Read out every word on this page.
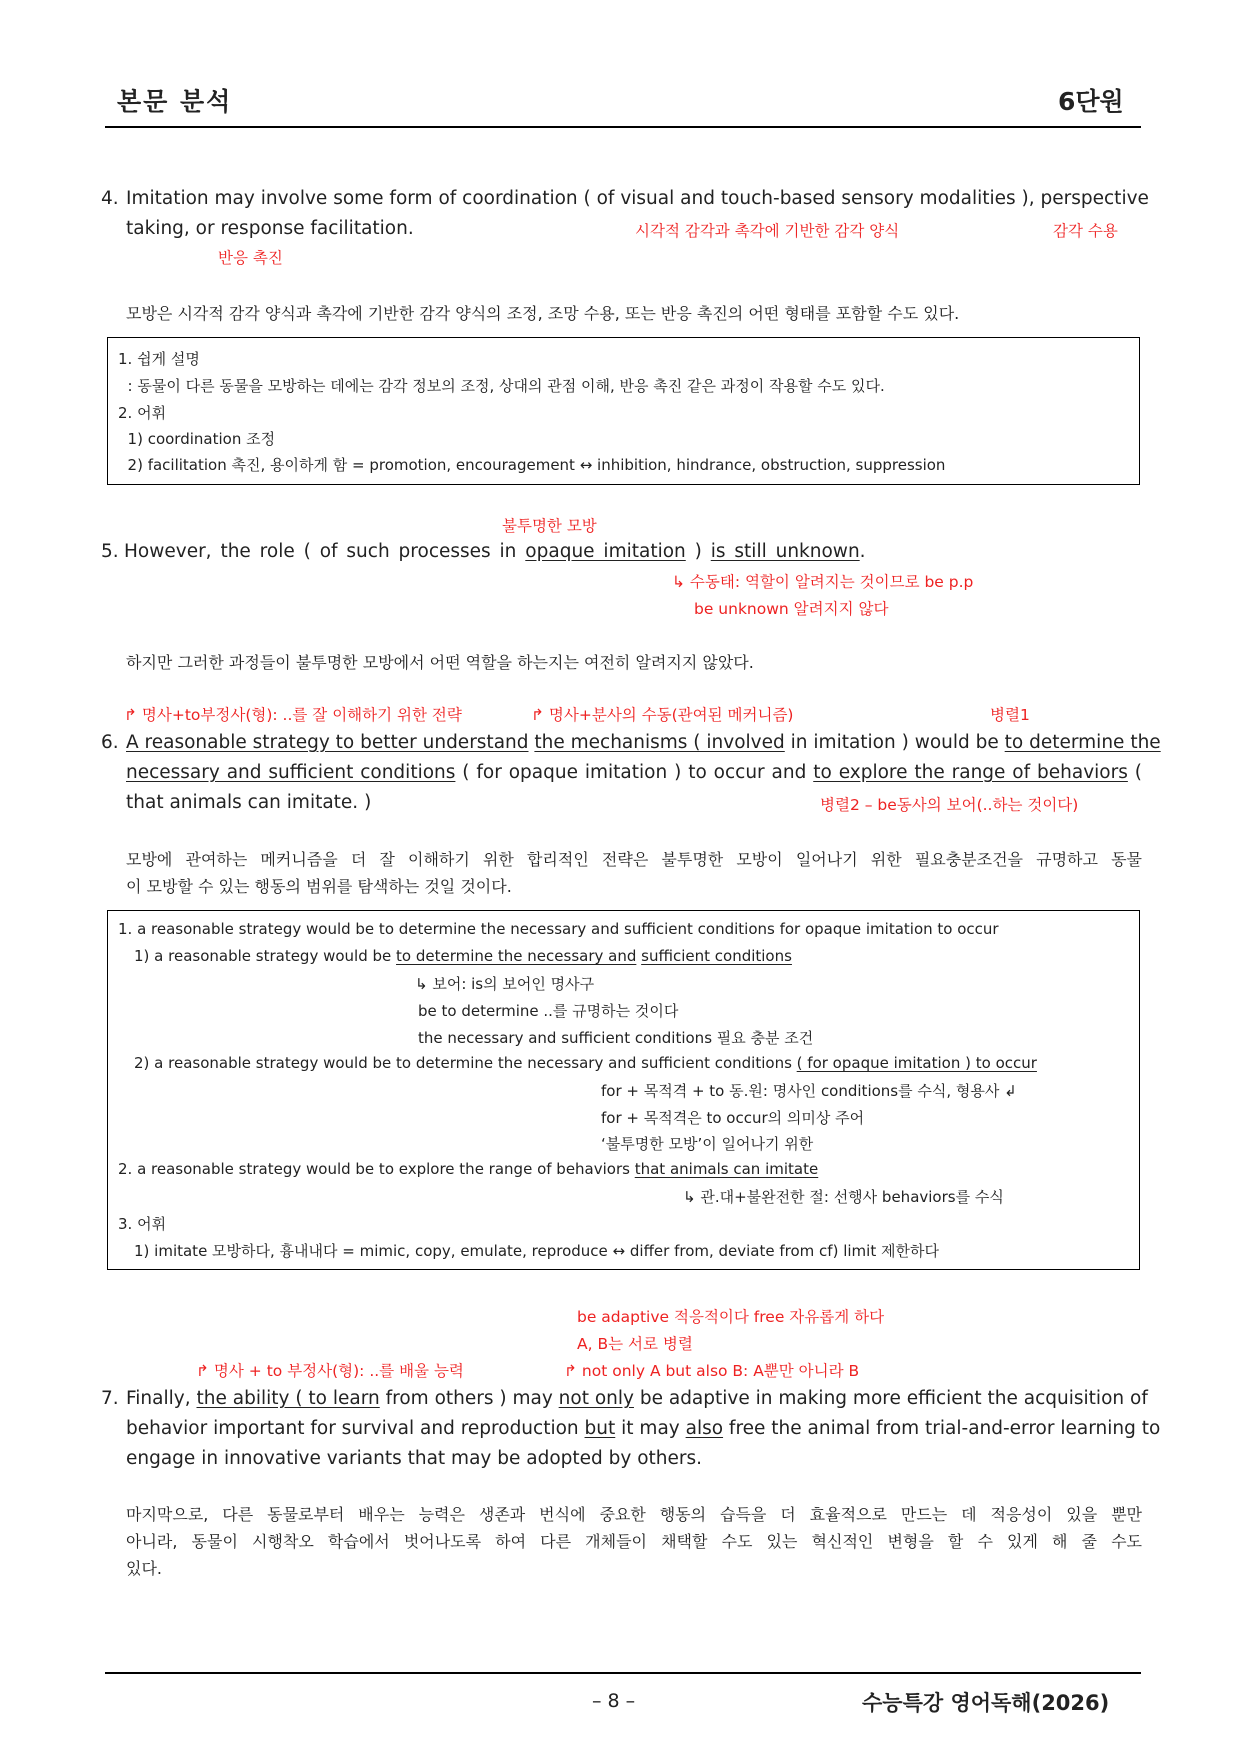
본문 분석	6단원
4. Imitation may involve some form of coordination ( of visual and touch-based sensory modalities ), perspective
taking, or response facilitation.	시각적 감각과 촉각에 기반한 감각 양식	감각 수용
반응 촉진
모방은 시각적 감각 양식과 촉각에 기반한 감각 양식의 조정, 조망 수용, 또는 반응 촉진의 어떤 형태를 포함할 수도 있다.
1. 쉽게 설명
: 동물이 다른 동물을 모방하는 데에는 감각 정보의 조정, 상대의 관점 이해, 반응 촉진 같은 과정이 작용할 수도 있다.
2. 어휘
1) coordination 조정
2) facilitation 촉진, 용이하게 함 = promotion, encouragement ↔ inhibition, hindrance, obstruction, suppression
불투명한 모방
5. However, the role ( of such processes in opaque imitation ) is still unknown.
↳ 수동태: 역할이 알려지는 것이므로 be p.p
be unknown 알려지지 않다
하지만 그러한 과정들이 불투명한 모방에서 어떤 역할을 하는지는 여전히 알려지지 않았다.
↱ 명사+to부정사(형): ..를 잘 이해하기 위한 전략	↱ 명사+분사의 수동(관여된 메커니즘)	병렬1
6. A reasonable strategy to better understand the mechanisms ( involved in imitation ) would be to determine the
necessary and sufficient conditions ( for opaque imitation ) to occur and to explore the range of behaviors (
that animals can imitate. )	병렬2 – be동사의 보어(..하는 것이다)
모방에 관여하는 메커니즘을 더 잘 이해하기 위한 합리적인 전략은 불투명한 모방이 일어나기 위한 필요충분조건을 규명하고 동물
이 모방할 수 있는 행동의 범위를 탐색하는 것일 것이다.
1. a reasonable strategy would be to determine the necessary and sufficient conditions for opaque imitation to occur
1) a reasonable strategy would be to determine the necessary and sufficient conditions
↳ 보어: is의 보어인 명사구
be to determine ..를 규명하는 것이다
the necessary and sufficient conditions 필요 충분 조건
2) a reasonable strategy would be to determine the necessary and sufficient conditions ( for opaque imitation ) to occur
for + 목적격 + to 동.원: 명사인 conditions를 수식, 형용사 ↲
for + 목적격은 to occur의 의미상 주어
‘불투명한 모방’이 일어나기 위한
2. a reasonable strategy would be to explore the range of behaviors that animals can imitate
↳ 관.대+불완전한 절: 선행사 behaviors를 수식
3. 어휘
1) imitate 모방하다, 흉내내다 = mimic, copy, emulate, reproduce ↔ differ from, deviate from cf) limit 제한하다
be adaptive 적응적이다 free 자유롭게 하다
A, B는 서로 병렬
↱ 명사 + to 부정사(형): ..를 배울 능력	↱ not only A but also B: A뿐만 아니라 B
7. Finally, the ability ( to learn from others ) may not only be adaptive in making more efficient the acquisition of
behavior important for survival and reproduction but it may also free the animal from trial-and-error learning to
engage in innovative variants that may be adopted by others.
마지막으로, 다른 동물로부터 배우는 능력은 생존과 번식에 중요한 행동의 습득을 더 효율적으로 만드는 데 적응성이 있을 뿐만
아니라, 동물이 시행착오 학습에서 벗어나도록 하여 다른 개체들이 채택할 수도 있는 혁신적인 변형을 할 수 있게 해 줄 수도
있다.
– 8 –	수능특강 영어독해(2026)
